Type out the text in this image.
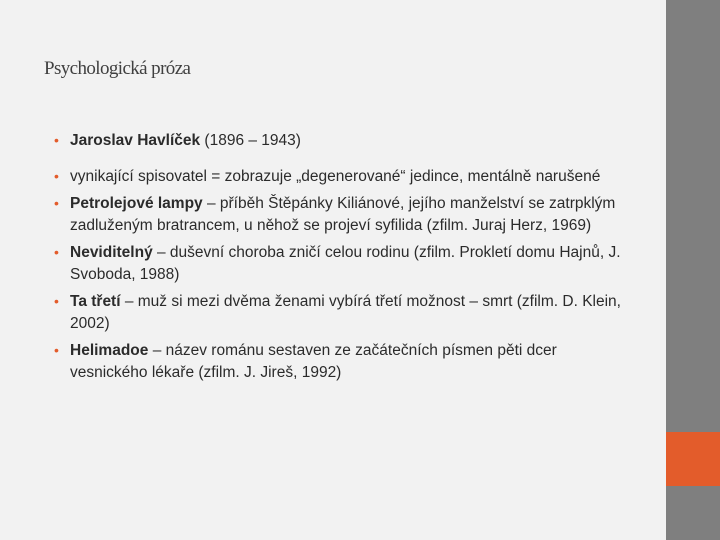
Psychologická próza
• Jaroslav Havlíček (1896 – 1943)
• vynikající spisovatel = zobrazuje „degenerované“ jedince, mentálně narušené
• Petrolejové lampy – příběh Štěpánky Kiliánové, jejího manželství se zatrpklým zadluženým bratrancem, u něhož se projeví syfilida (zfilm. Juraj Herz, 1969)
• Neviditelný – duševní choroba zničí celou rodinu (zfilm. Prokletí domu Hajnů, J. Svoboda, 1988)
• Ta třetí – muž si mezi dvěma ženami vybírá třetí možnost – smrt (zfilm. D. Klein, 2002)
• Helimadoe – název románu sestaven ze začátečních písmen pěti dcer vesnického lékaře (zfilm. J. Jireš, 1992)
